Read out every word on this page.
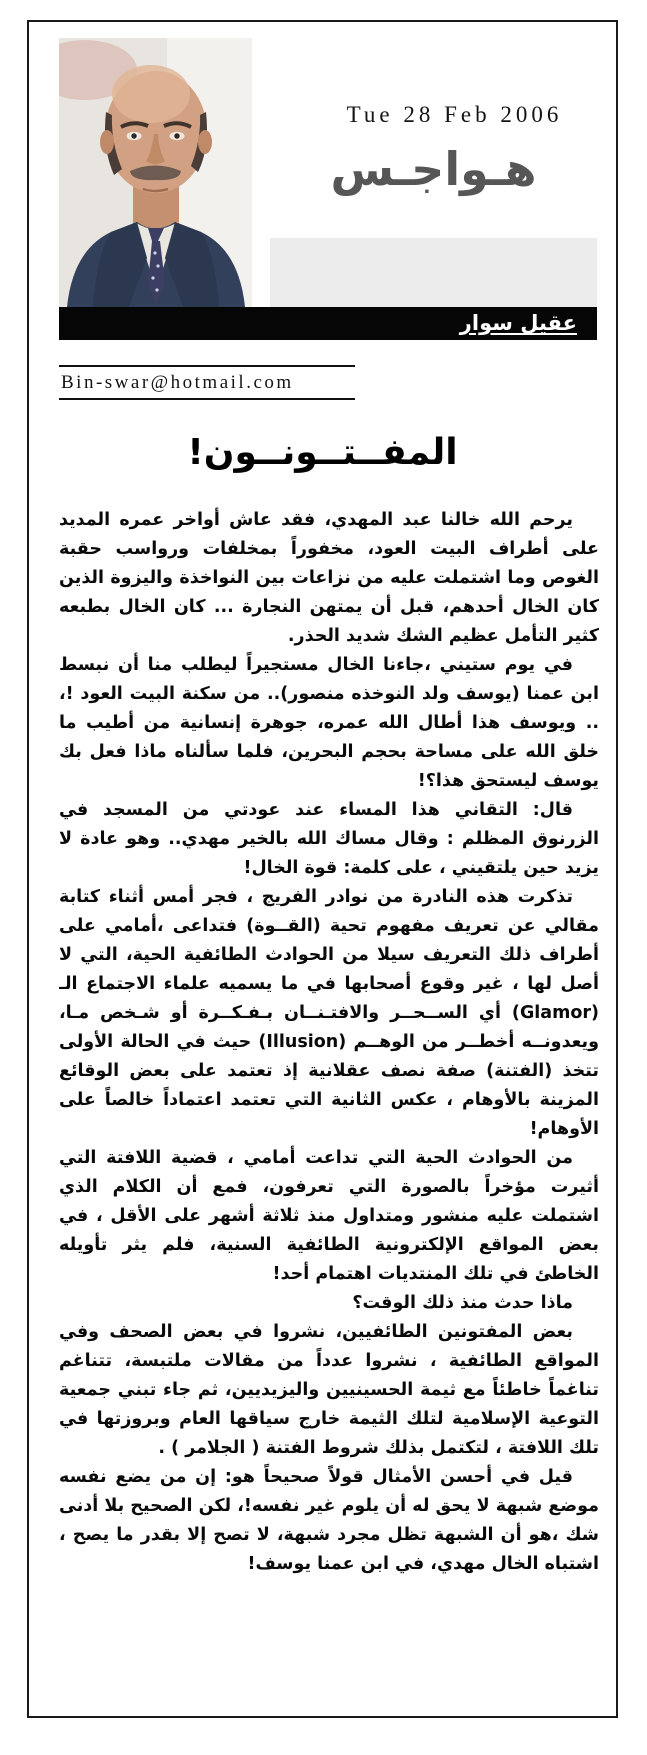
Tue 28 Feb 2006
هـواجـس
عقيل سوار
Bin-swar@hotmail.com
المفــتــونــون!

يرحم الله خالنا عبد المهدي، فقد عاش أواخر عمره المديد على أطراف البيت العود، مخفوراً بمخلفات ورواسب حقبة الغوص وما اشتملت عليه من نزاعات بين النواخذة واليزوة الذين كان الخال أحدهم، قبل أن يمتهن النجارة ... كان الخال بطبعه كثير التأمل عظيم الشك شديد الحذر.

في يوم ستيني ،جاءنا الخال مستجيراً ليطلب منا أن نبسط ابن عمنا (يوسف ولد النوخذه منصور).. من سكنة البيت العود !، .. ويوسف هذا أطال الله عمره، جوهرة إنسانية من أطيب ما خلق الله على مساحة بحجم البحرين، فلما سألناه ماذا فعل بك يوسف ليستحق هذا؟!

قال: التقاني هذا المساء عند عودتي من المسجد في الزرنوق المظلم : وقال مساك الله بالخير مهدي.. وهو عادة لا يزيد حين يلتقيني ، على كلمة: قوة الخال!

تذكرت هذه النادرة من نوادر الفريج ، فجر أمس أثناء كتابة مقالي عن تعريف مفهوم تحية (القــوة) فتداعى ،أمامي على أطراف ذلك التعريف سيلا من الحوادث الطائفية الحية، التي لا أصل لها ، غير وقوع أصحابها في ما يسميه علماء الاجتماع الـ (Glamor) أي الســحــر والافتـنــان بـفـكــرة أو شـخص مـا، ويعدونــه أخطــر من الوهــم (Illusion) حيث في الحالة الأولى تتخذ (الفتنة) صفة نصف عقلانية إذ تعتمد على بعض الوقائع المزينة بالأوهام ، عكس الثانية التي تعتمد اعتماداً خالصاً على الأوهام!

من الحوادث الحية التي تداعت أمامي ، قضية اللافتة التي أثيرت مؤخراً بالصورة التي تعرفون، فمع أن الكلام الذي اشتملت عليه منشور ومتداول منذ ثلاثة أشهر على الأقل ، في بعض المواقع الإلكترونية الطائفية السنية، فلم يثر تأويله الخاطئ في تلك المنتديات اهتمام أحد!

ماذا حدث منذ ذلك الوقت؟

بعض المفتونين الطائفيين، نشروا في بعض الصحف وفي المواقع الطائفية ، نشروا عدداً من مقالات ملتبسة، تتناغم تناغماً خاطئاً مع ثيمة الحسينيين واليزيديين، ثم جاء تبني جمعية التوعية الإسلامية لتلك الثيمة خارج سياقها العام وبروزتها في تلك اللافتة ، لتكتمل بذلك شروط الفتنة ( الجلامر ) .

قيل في أحسن الأمثال قولاً صحيحاً هو: إن من يضع نفسه موضع شبهة لا يحق له أن يلوم غير نفسه!، لكن الصحيح بلا أدنى شك ،هو أن الشبهة تظل مجرد شبهة، لا تصح إلا بقدر ما يصح ، اشتباه الخال مهدي، في ابن عمنا يوسف!
